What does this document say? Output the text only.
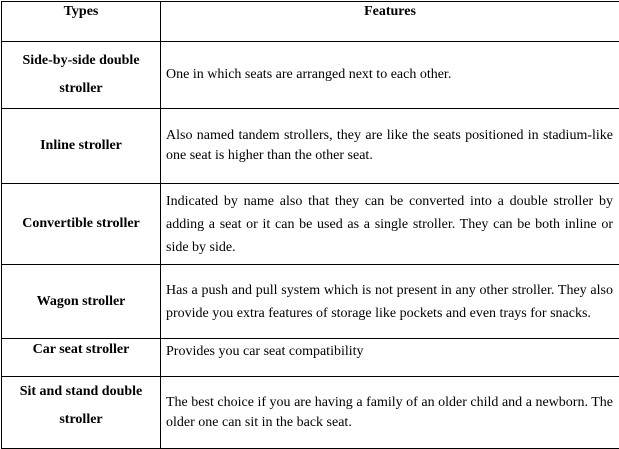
Types	Features
Side-by-side double stroller	One in which seats are arranged next to each other.
Inline stroller	Also named tandem strollers, they are like the seats positioned in stadium-like one seat is higher than the other seat.
Convertible stroller	Indicated by name also that they can be converted into a double stroller by adding a seat or it can be used as a single stroller. They can be both inline or side by side.
Wagon stroller	Has a push and pull system which is not present in any other stroller. They also provide you extra features of storage like pockets and even trays for snacks.
Car seat stroller	Provides you car seat compatibility
Sit and stand double stroller	The best choice if you are having a family of an older child and a newborn. The older one can sit in the back seat.
